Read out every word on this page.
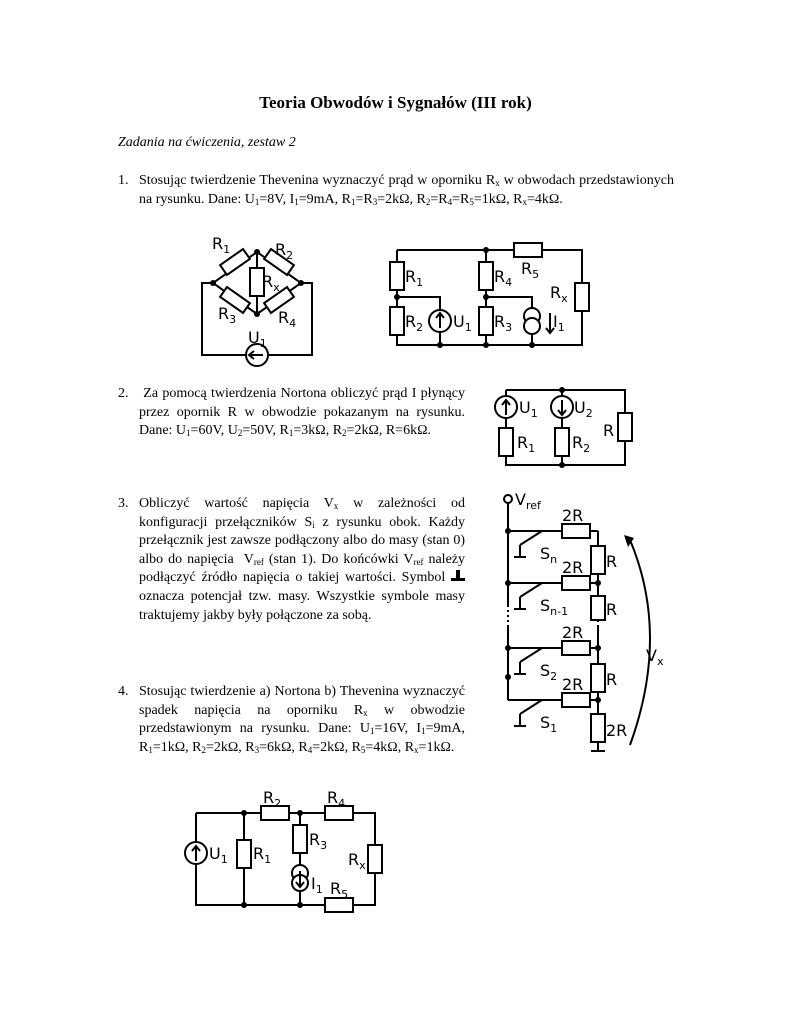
Teoria Obwodów i Sygnałów (III rok)
Zadania na ćwiczenia, zestaw 2
1. Stosując twierdzenie Thevenina wyznaczyć prąd w oporniku $R_x$ w obwodach przedstawionych na rysunku. Dane: $U_1=8V$, $I_1=9mA$, $R_1=R_3=2k\Omega$, $R_2=R_4=R_5=1k\Omega$, $R_x=4k\Omega$.
2. Za pomocą twierdzenia Nortona obliczyć prąd I płynący przez opornik R w obwodzie pokazanym na rysunku. Dane: $U_1=60V$, $U_2=50V$, $R_1=3k\Omega$, $R_2=2k\Omega$, R=6kΩ.
3. Obliczyć wartość napięcia $V_x$ w zależności od konfiguracji przełączników $S_i$ z rysunku obok. Każdy przełącznik jest zawsze podłączony albo do masy (stan 0) albo do napięcia  $V_{ref}$ (stan 1). Do końcówki $V_{ref}$ należy podłączyć źródło napięcia o takiej wartości. Symbol
oznacza potencjał tzw. masy. Wszystkie symbole masy traktujemy jakby były połączone za sobą.
4. Stosując twierdzenie a) Nortona b) Thevenina wyznaczyć spadek napięcia na oporniku $R_x$ w obwodzie przedstawionym na rysunku. Dane: $U_1=16V$, $I_1=9mA$, $R_1=1k\Omega$, $R_2=2k\Omega$, $R_3=6k\Omega$, $R_4=2k\Omega$, $R_5=4k\Omega$, $R_x=1k\Omega$.
$R_1$	$R_2$
$R_x$
$R_3$	$R_4$
$U_1$
$R_1$
$R_2$ $U_1$
$R_4$
$R_3$	$I_1$
$R_5$
$R_x$
$U_1$ $U_2$
$R_1$ $R_2$
R
$V_{ref}$
$S_n$
2R
$S_{n-1}$
2R
$S_2$
2R
$S_1$
2R
R
R
R
2R
$V_x$
$U_1$ $R_1$
$R_2$	$R_4$
$R_3$
$I_1$ $R_5$
$R_x$
